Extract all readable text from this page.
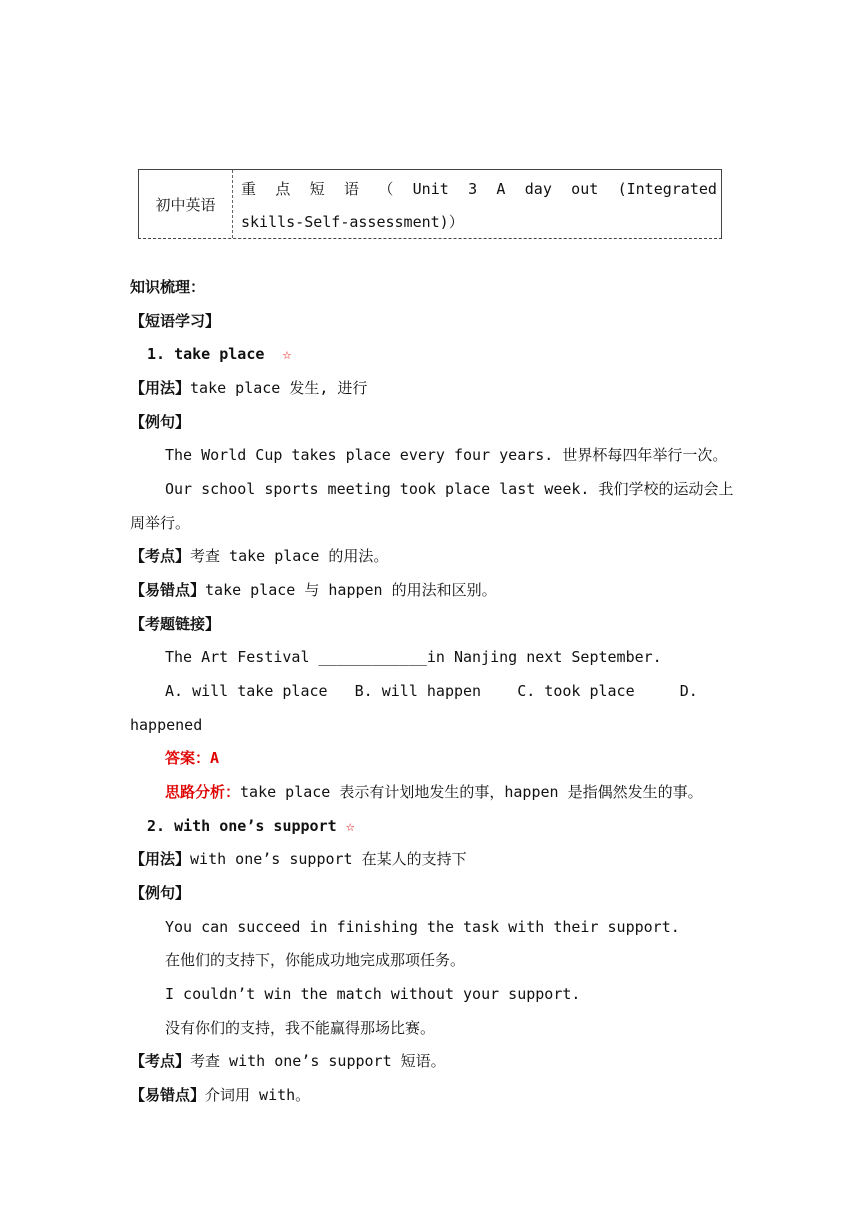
初中英语
重 点 短 语 （ Unit 3 A day out (Integrated
skills-Self-assessment)）
知识梳理：
【短语学习】
1. take place ☆
【用法】take place 发生, 进行
【例句】
The World Cup takes place every four years. 世界杯每四年举行一次。
Our school sports meeting took place last week. 我们学校的运动会上
周举行。
【考点】考查 take place 的用法。
【易错点】take place 与 happen 的用法和区别。
【考题链接】
The Art Festival ____________in Nanjing next September.
A. will take place   B. will happen    C. took place     D.
happened
答案：A
思路分析：take place 表示有计划地发生的事，happen 是指偶然发生的事。
2. with one’s support ☆
【用法】with one’s support 在某人的支持下
【例句】
You can succeed in finishing the task with their support.
在他们的支持下，你能成功地完成那项任务。
I couldn’t win the match without your support.
没有你们的支持，我不能赢得那场比赛。
【考点】考查 with one’s support 短语。
【易错点】介词用 with。
